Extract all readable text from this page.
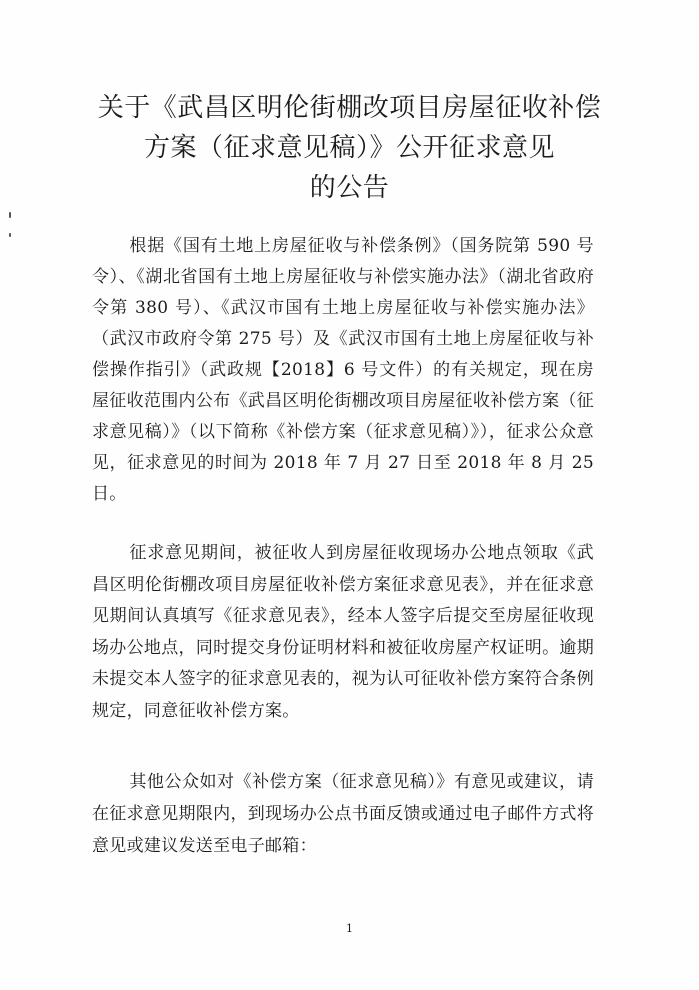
关于《武昌区明伦街棚改项目房屋征收补偿
方案（征求意见稿）》公开征求意见
的公告

根据《国有土地上房屋征收与补偿条例》（国务院第 590 号令）、《湖北省国有土地上房屋征收与补偿实施办法》（湖北省政府令第 380 号）、《武汉市国有土地上房屋征收与补偿实施办法》（武汉市政府令第 275 号）及《武汉市国有土地上房屋征收与补偿操作指引》（武政规【2018】6 号文件）的有关规定，现在房屋征收范围内公布《武昌区明伦街棚改项目房屋征收补偿方案（征求意见稿）》（以下简称《补偿方案（征求意见稿）》），征求公众意见，征求意见的时间为 2018 年 7 月 27 日至 2018 年 8 月 25 日。

征求意见期间，被征收人到房屋征收现场办公地点领取《武昌区明伦街棚改项目房屋征收补偿方案征求意见表》，并在征求意见期间认真填写《征求意见表》，经本人签字后提交至房屋征收现场办公地点，同时提交身份证明材料和被征收房屋产权证明。逾期未提交本人签字的征求意见表的，视为认可征收补偿方案符合条例规定，同意征收补偿方案。

其他公众如对《补偿方案（征求意见稿）》有意见或建议，请在征求意见期限内，到现场办公点书面反馈或通过电子邮件方式将意见或建议发送至电子邮箱：

1
